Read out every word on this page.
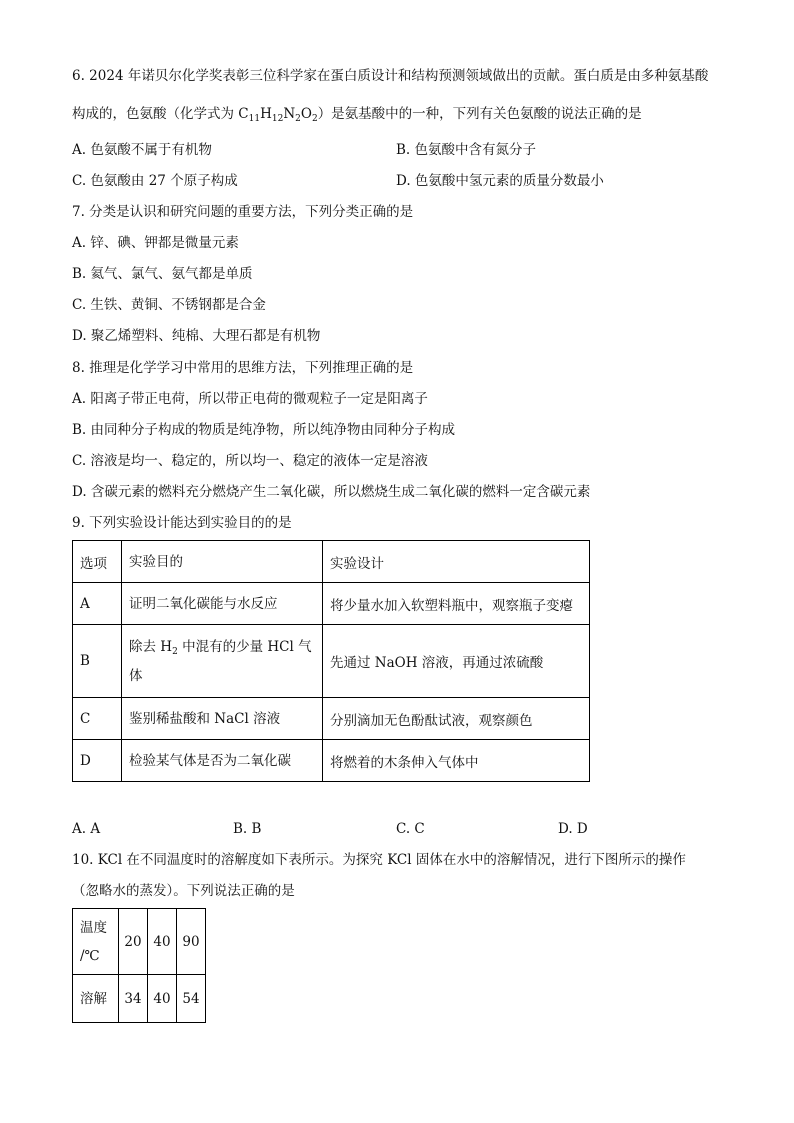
6. 2024 年诺贝尔化学奖表彰三位科学家在蛋白质设计和结构预测领域做出的贡献。蛋白质是由多种氨基酸
构成的，色氨酸（化学式为 $C_{11}H_{12}N_2O_2$）是氨基酸中的一种，下列有关色氨酸的说法正确的是
A. 色氨酸不属于有机物	B. 色氨酸中含有氮分子
C. 色氨酸由 27 个原子构成	D. 色氨酸中氢元素的质量分数最小
7. 分类是认识和研究问题的重要方法，下列分类正确的是
A. 锌、碘、钾都是微量元素
B. 氦气、氯气、氨气都是单质
C. 生铁、黄铜、不锈钢都是合金
D. 聚乙烯塑料、纯棉、大理石都是有机物
8. 推理是化学学习中常用的思维方法，下列推理正确的是
A. 阳离子带正电荷，所以带正电荷的微观粒子一定是阳离子
B. 由同种分子构成的物质是纯净物，所以纯净物由同种分子构成
C. 溶液是均一、稳定的，所以均一、稳定的液体一定是溶液
D. 含碳元素的燃料充分燃烧产生二氧化碳，所以燃烧生成二氧化碳的燃料一定含碳元素
9. 下列实验设计能达到实验目的的是
选项	实验目的	实验设计
A	证明二氧化碳能与水反应	将少量水加入软塑料瓶中，观察瓶子变瘪
B	除去 $H_2$ 中混有的少量 HCl 气
体	先通过 NaOH 溶液，再通过浓硫酸
C	鉴别稀盐酸和 NaCl 溶液	分别滴加无色酚酞试液，观察颜色
D	检验某气体是否为二氧化碳	将燃着的木条伸入气体中
A. A	B. B	C. C	D. D
10. KCl 在不同温度时的溶解度如下表所示。为探究 KCl 固体在水中的溶解情况，进行下图所示的操作
（忽略水的蒸发）。下列说法正确的是
温度
/℃	20	40	90
溶解	34	40	54
